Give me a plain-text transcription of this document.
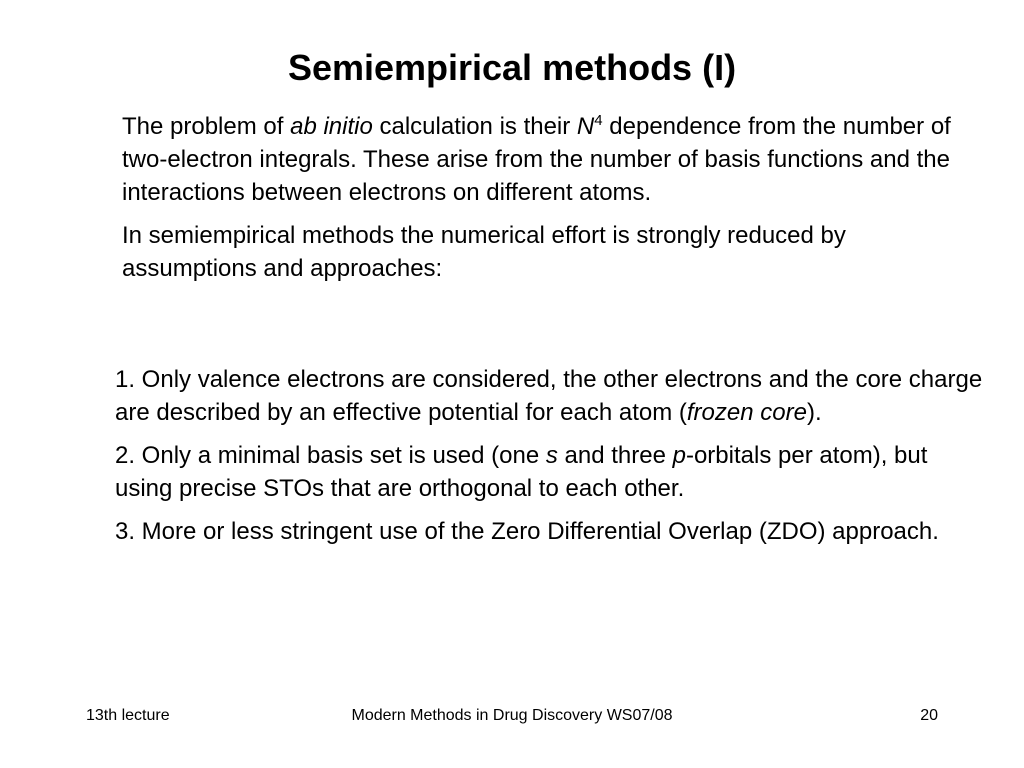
Semiempirical methods (I)

The problem of ab initio calculation is their $N^4$ dependence from the number of two-electron integrals. These arise from the number of basis functions and the interactions between electrons on different atoms.

In semiempirical methods the numerical effort is strongly reduced by assumptions and approaches:

1. Only valence electrons are considered, the other electrons and the core charge are described by an effective potential for each atom (frozen core).

2. Only a minimal basis set is used (one s and three p-orbitals per atom), but using precise STOs that are orthogonal to each other.

3. More or less stringent use of the Zero Differential Overlap (ZDO) approach.

13th lecture	Modern Methods in Drug Discovery WS07/08	20
